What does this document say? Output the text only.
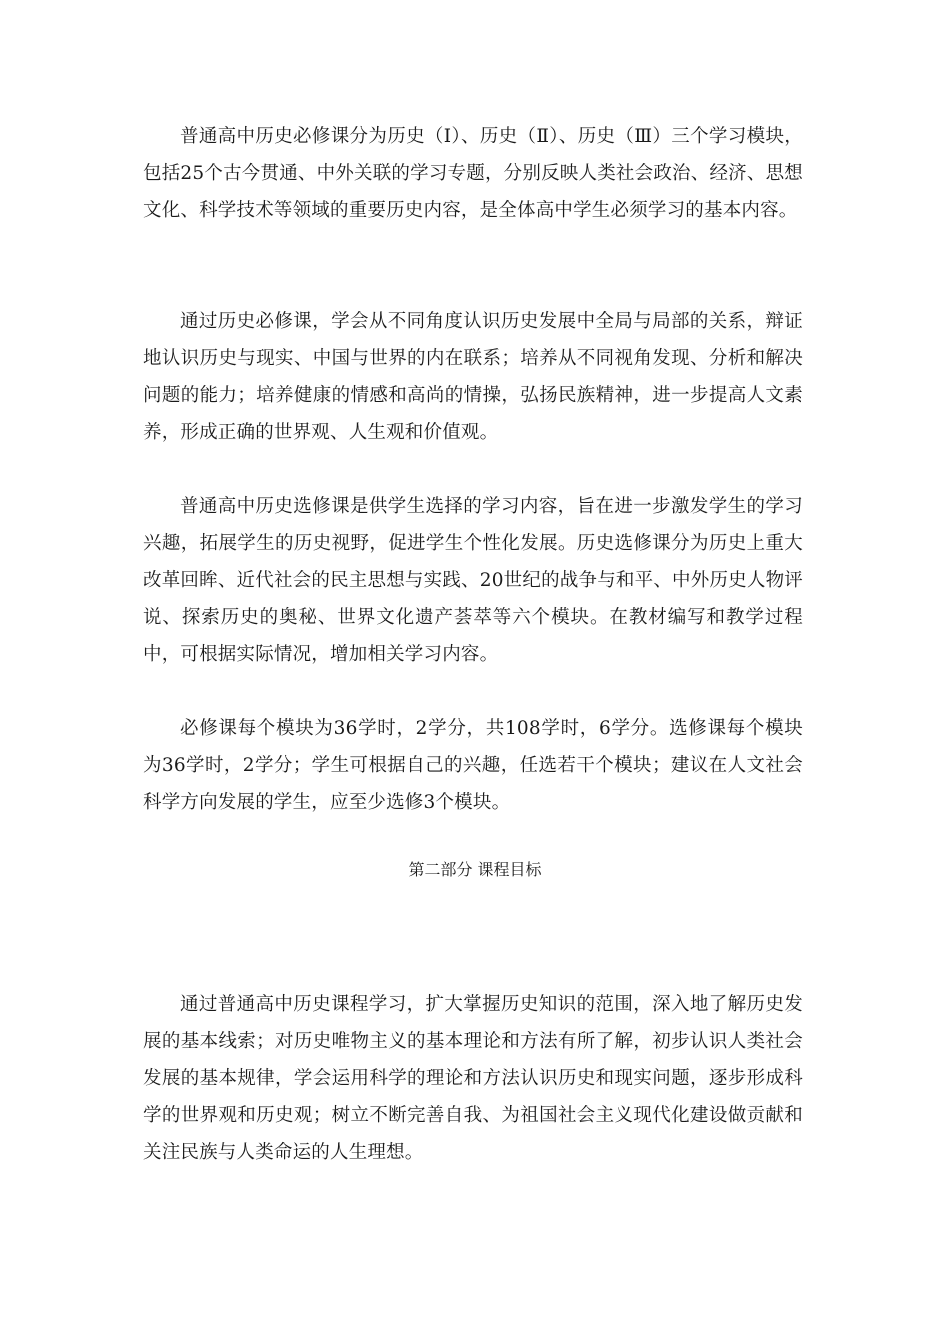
普通高中历史必修课分为历史（Ⅰ）、历史（Ⅱ）、历史（Ⅲ）三个学习模块，包括25个古今贯通、中外关联的学习专题，分别反映人类社会政治、经济、思想文化、科学技术等领域的重要历史内容，是全体高中学生必须学习的基本内容。

通过历史必修课，学会从不同角度认识历史发展中全局与局部的关系，辩证地认识历史与现实、中国与世界的内在联系；培养从不同视角发现、分析和解决问题的能力；培养健康的情感和高尚的情操，弘扬民族精神，进一步提高人文素养，形成正确的世界观、人生观和价值观。

普通高中历史选修课是供学生选择的学习内容，旨在进一步激发学生的学习兴趣，拓展学生的历史视野，促进学生个性化发展。历史选修课分为历史上重大改革回眸、近代社会的民主思想与实践、20世纪的战争与和平、中外历史人物评说、探索历史的奥秘、世界文化遗产荟萃等六个模块。在教材编写和教学过程中，可根据实际情况，增加相关学习内容。

必修课每个模块为36学时，2学分，共108学时，6学分。选修课每个模块为36学时，2学分；学生可根据自己的兴趣，任选若干个模块；建议在人文社会科学方向发展的学生，应至少选修3个模块。

第二部分 课程目标

通过普通高中历史课程学习，扩大掌握历史知识的范围，深入地了解历史发展的基本线索；对历史唯物主义的基本理论和方法有所了解，初步认识人类社会发展的基本规律，学会运用科学的理论和方法认识历史和现实问题，逐步形成科学的世界观和历史观；树立不断完善自我、为祖国社会主义现代化建设做贡献和关注民族与人类命运的人生理想。
